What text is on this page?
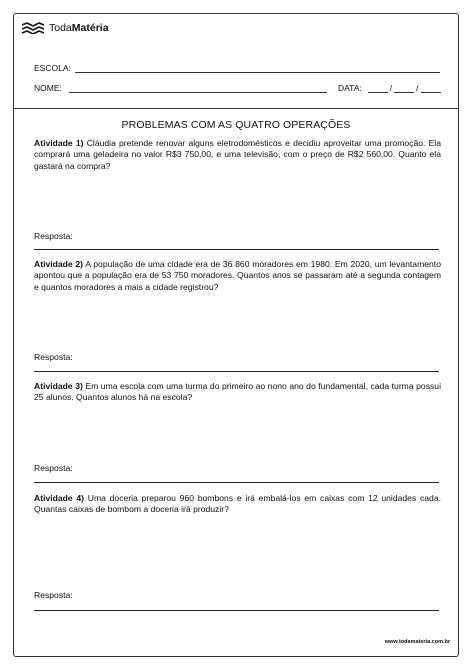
Toda Matéria
ESCOLA:
NOME:	DATA:	/	/
PROBLEMAS COM AS QUATRO OPERAÇÕES
Atividade 1) Cláudia pretende renovar alguns eletrodomésticos e decidiu aproveitar uma promoção. Ela comprará uma geladeira no valor R$3 750,00, e uma televisão, com o preço de R$2 560,00. Quanto ela gastará na compra?
Resposta:
Atividade 2) A população de uma cidade era de 36 860 moradores em 1980. Em 2020, um levantamento apontou que a população era de 53 750 moradores. Quantos anos se passaram até a segunda contagem e quantos moradores a mais a cidade registrou?
Resposta:
Atividade 3) Em uma escola com uma turma do primeiro ao nono ano do fundamental, cada turma possui 25 alunos. Quantos alunos há na escola?
Resposta:
Atividade 4) Uma doceria preparou 960 bombons e irá embalá-los em caixas com 12 unidades cada. Quantas caixas de bombom a doceria irá produzir?
Resposta:
www.todamateria.com.br
